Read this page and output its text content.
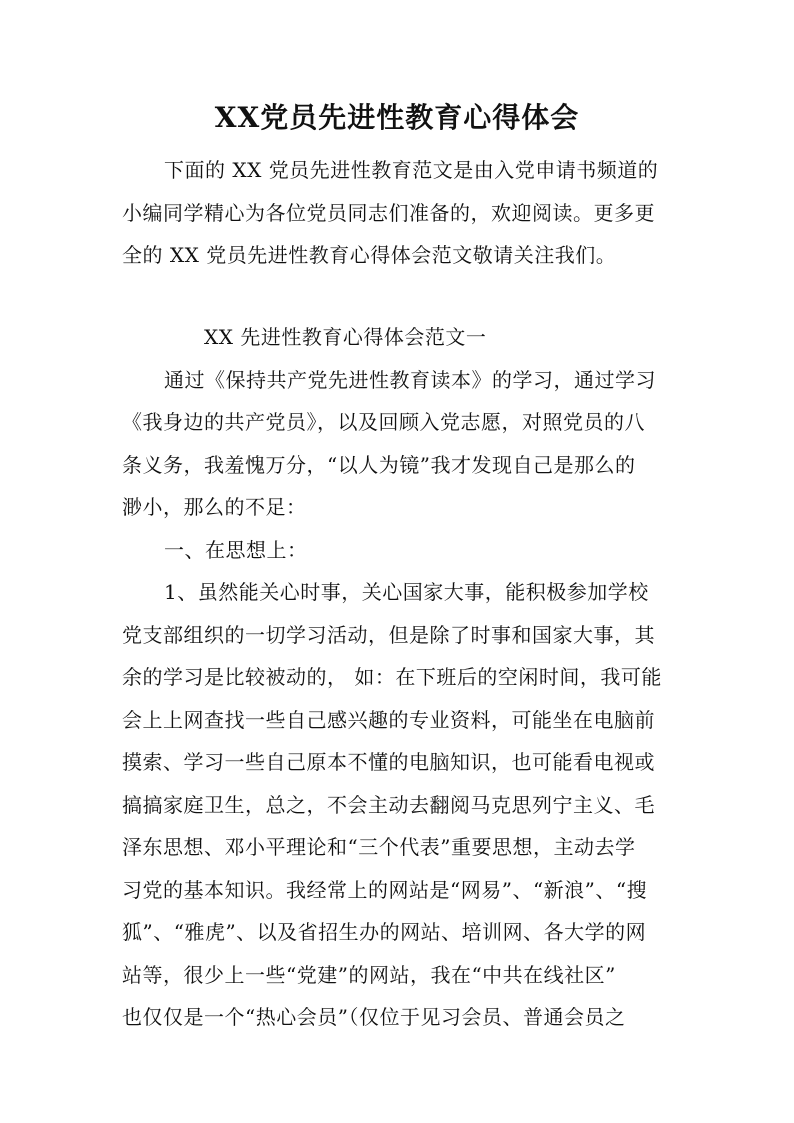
XX党员先进性教育心得体会
下面的 XX 党员先进性教育范文是由入党申请书频道的
小编同学精心为各位党员同志们准备的，欢迎阅读。更多更
全的 XX 党员先进性教育心得体会范文敬请关注我们。
XX 先进性教育心得体会范文一
通过《保持共产党先进性教育读本》的学习，通过学习
《我身边的共产党员》，以及回顾入党志愿，对照党员的八
条义务，我羞愧万分，“以人为镜”我才发现自己是那么的
渺小，那么的不足：
一、在思想上：
1、虽然能关心时事，关心国家大事，能积极参加学校
党支部组织的一切学习活动，但是除了时事和国家大事，其
余的学习是比较被动的， 如：在下班后的空闲时间，我可能
会上上网查找一些自己感兴趣的专业资料，可能坐在电脑前
摸索、学习一些自己原本不懂的电脑知识，也可能看电视或
搞搞家庭卫生，总之，不会主动去翻阅马克思列宁主义、毛
泽东思想、邓小平理论和“三个代表”重要思想，主动去学
习党的基本知识。我经常上的网站是“网易”、“新浪”、“搜
狐”、“雅虎”、以及省招生办的网站、培训网、各大学的网
站等，很少上一些“党建”的网站，我在“中共在线社区”
也仅仅是一个“热心会员”（仅位于见习会员、普通会员之
